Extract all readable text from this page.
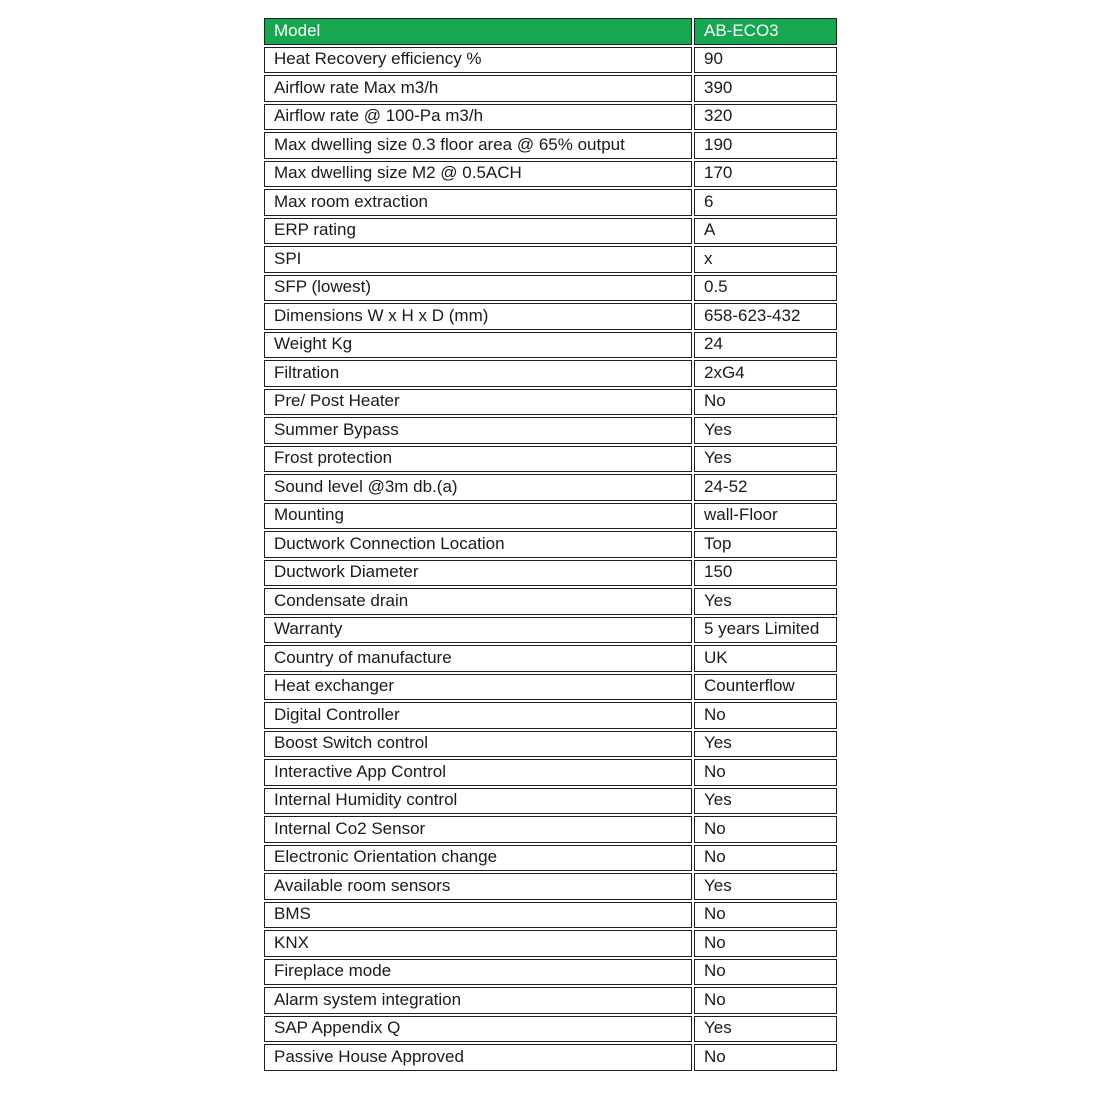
Model	AB-ECO3
Heat Recovery efficiency %	90
Airflow rate Max m3/h	390
Airflow rate @ 100-Pa m3/h	320
Max dwelling size 0.3 floor area @ 65% output	190
Max dwelling size M2 @ 0.5ACH	170
Max room extraction	6
ERP rating	A
SPI	x
SFP (lowest)	0.5
Dimensions W x H x D (mm)	658-623-432
Weight Kg	24
Filtration	2xG4
Pre/ Post Heater	No
Summer Bypass	Yes
Frost protection	Yes
Sound level @3m db.(a)	24-52
Mounting	wall-Floor
Ductwork Connection Location	Top
Ductwork Diameter	150
Condensate drain	Yes
Warranty	5 years Limited
Country of manufacture	UK
Heat exchanger	Counterflow
Digital Controller	No
Boost Switch control	Yes
Interactive App Control	No
Internal Humidity control	Yes
Internal Co2 Sensor	No
Electronic Orientation change	No
Available room sensors	Yes
BMS	No
KNX	No
Fireplace mode	No
Alarm system integration	No
SAP Appendix Q	Yes
Passive House Approved	No
